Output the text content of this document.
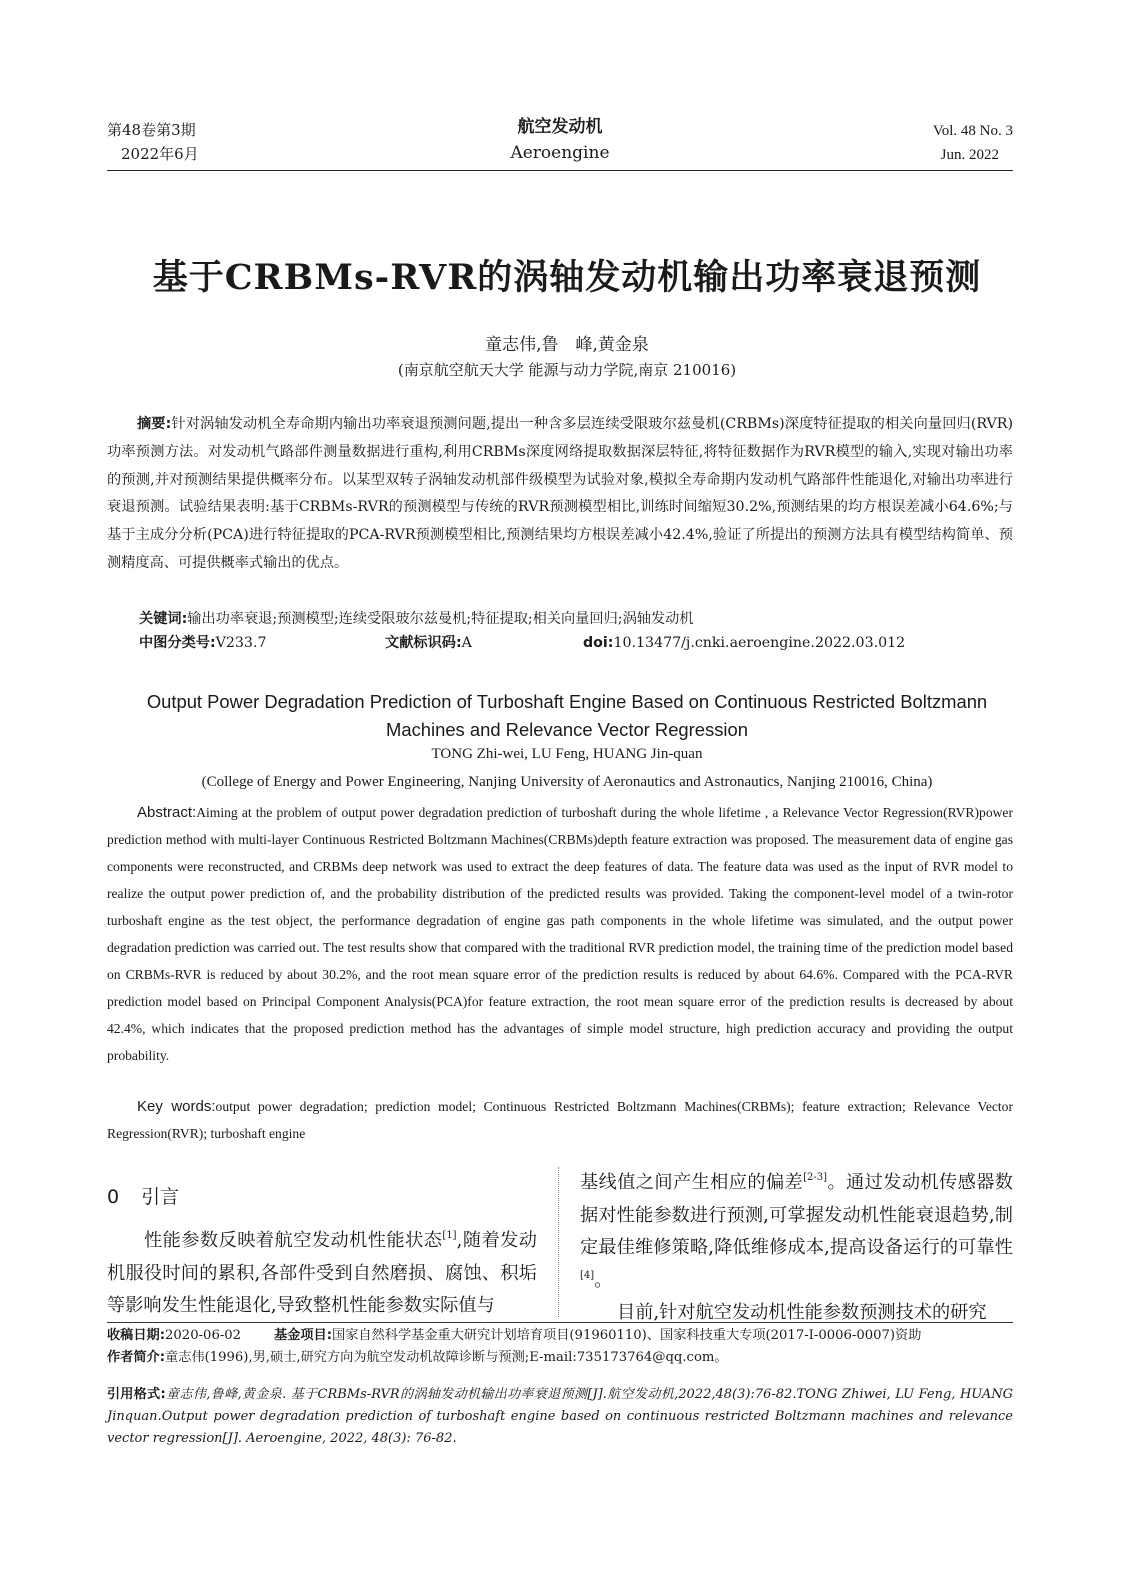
第48卷第3期
2022年6月
航空发动机
Aeroengine
Vol. 48 No. 3
Jun. 2022
基于CRBMs-RVR的涡轴发动机输出功率衰退预测
童志伟,鲁　峰,黄金泉
(南京航空航天大学 能源与动力学院,南京 210016)
摘要:针对涡轴发动机全寿命期内输出功率衰退预测问题,提出一种含多层连续受限玻尔兹曼机(CRBMs)深度特征提取的相关向量回归(RVR)功率预测方法。对发动机气路部件测量数据进行重构,利用CRBMs深度网络提取数据深层特征,将特征数据作为RVR模型的输入,实现对输出功率的预测,并对预测结果提供概率分布。以某型双转子涡轴发动机部件级模型为试验对象,模拟全寿命期内发动机气路部件性能退化,对输出功率进行衰退预测。试验结果表明:基于CRBMs-RVR的预测模型与传统的RVR预测模型相比,训练时间缩短30.2%,预测结果的均方根误差减小64.6%;与基于主成分分析(PCA)进行特征提取的PCA-RVR预测模型相比,预测结果均方根误差减小42.4%,验证了所提出的预测方法具有模型结构简单、预测精度高、可提供概率式输出的优点。
关键词:输出功率衰退;预测模型;连续受限玻尔兹曼机;特征提取;相关向量回归;涡轴发动机
中图分类号:V233.7	文献标识码:A	doi:10.13477/j.cnki.aeroengine.2022.03.012
Output Power Degradation Prediction of Turboshaft Engine Based on Continuous Restricted Boltzmann
Machines and Relevance Vector Regression
TONG Zhi-wei, LU Feng, HUANG Jin-quan
(College of Energy and Power Engineering, Nanjing University of Aeronautics and Astronautics, Nanjing 210016, China)
Abstract:Aiming at the problem of output power degradation prediction of turboshaft during the whole lifetime , a Relevance Vector Regression(RVR)power prediction method with multi-layer Continuous Restricted Boltzmann Machines(CRBMs)depth feature extraction was proposed. The measurement data of engine gas components were reconstructed, and CRBMs deep network was used to extract the deep features of data. The feature data was used as the input of RVR model to realize the output power prediction of, and the probability distribution of the predicted results was provided. Taking the component-level model of a twin-rotor turboshaft engine as the test object, the performance degradation of engine gas path components in the whole lifetime was simulated, and the output power degradation prediction was carried out. The test results show that compared with the traditional RVR prediction model, the training time of the prediction model based on CRBMs-RVR is reduced by about 30.2%, and the root mean square error of the prediction results is reduced by about 64.6%. Compared with the PCA-RVR prediction model based on Principal Component Analysis(PCA)for feature extraction, the root mean square error of the prediction results is decreased by about 42.4%, which indicates that the proposed prediction method has the advantages of simple model structure, high prediction accuracy and providing the output probability.
Key words:output power degradation; prediction model; Continuous Restricted Boltzmann Machines(CRBMs); feature extraction; Relevance Vector Regression(RVR); turboshaft engine
0 引言
性能参数反映着航空发动机性能状态[1],随着发动机服役时间的累积,各部件受到自然磨损、腐蚀、积垢等影响发生性能退化,导致整机性能参数实际值与
基线值之间产生相应的偏差[2-3]。通过发动机传感器数据对性能参数进行预测,可掌握发动机性能衰退趋势,制定最佳维修策略,降低维修成本,提高设备运行的可靠性[4]。
目前,针对航空发动机性能参数预测技术的研究
收稿日期:2020-06-02 基金项目:国家自然科学基金重大研究计划培育项目(91960110)、国家科技重大专项(2017-I-0006-0007)资助
作者简介:童志伟(1996),男,硕士,研究方向为航空发动机故障诊断与预测;E-mail:735173764@qq.com。
引用格式:童志伟,鲁峰,黄金泉. 基于CRBMs-RVR的涡轴发动机输出功率衰退预测[J].航空发动机,2022,48(3):76-82.TONG Zhiwei, LU Feng, HUANG Jinquan.Output power degradation prediction of turboshaft engine based on continuous restricted Boltzmann machines and relevance vector regression[J]. Aeroengine, 2022, 48(3): 76-82.
